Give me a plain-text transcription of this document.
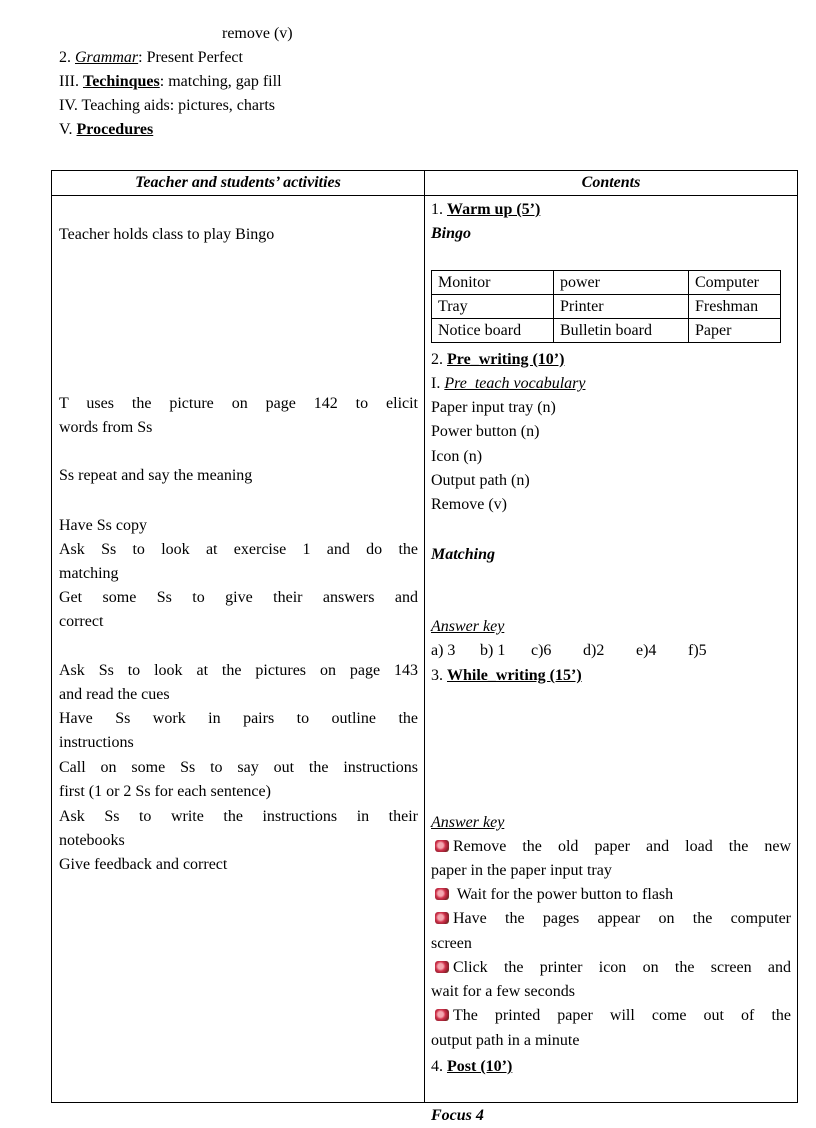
remove (v)
2. Grammar: Present Perfect
III. Techinques: matching, gap fill
IV. Teaching aids: pictures, charts
V. Procedures
Teacher and students’ activities	Contents

Teacher holds class to play Bingo
T uses the picture on page 142 to elicit
words from Ss
Ss repeat and say the meaning
Have Ss copy
Ask Ss to look at exercise 1 and do the
matching
Get some Ss to give their answers and
correct
Ask Ss to look at the pictures on page 143
and read the cues
Have Ss work in pairs to outline the
instructions
Call on some Ss to say out the instructions
first (1 or 2 Ss for each sentence)
Ask Ss to write the instructions in their
notebooks
Give feedback and correct

1. Warm up (5’)
Bingo
Monitor	power	Computer
Tray	Printer	Freshman
Notice board	Bulletin board	Paper
2. Pre_writing (10’)
I. Pre_teach vocabulary
Paper input tray (n)
Power button (n)
Icon (n)
Output path (n)
Remove (v)
Matching
Answer key
a) 3 b) 1 c)6 d)2 e)4 f)5
3. While_writing (15’)
Answer key
Remove the old paper and load the new
paper in the paper input tray
Wait for the power button to flash
Have the pages appear on the computer
screen
Click the printer icon on the screen and
wait for a few seconds
The printed paper will come out of the
output path in a minute
4. Post (10’)
Focus 4
